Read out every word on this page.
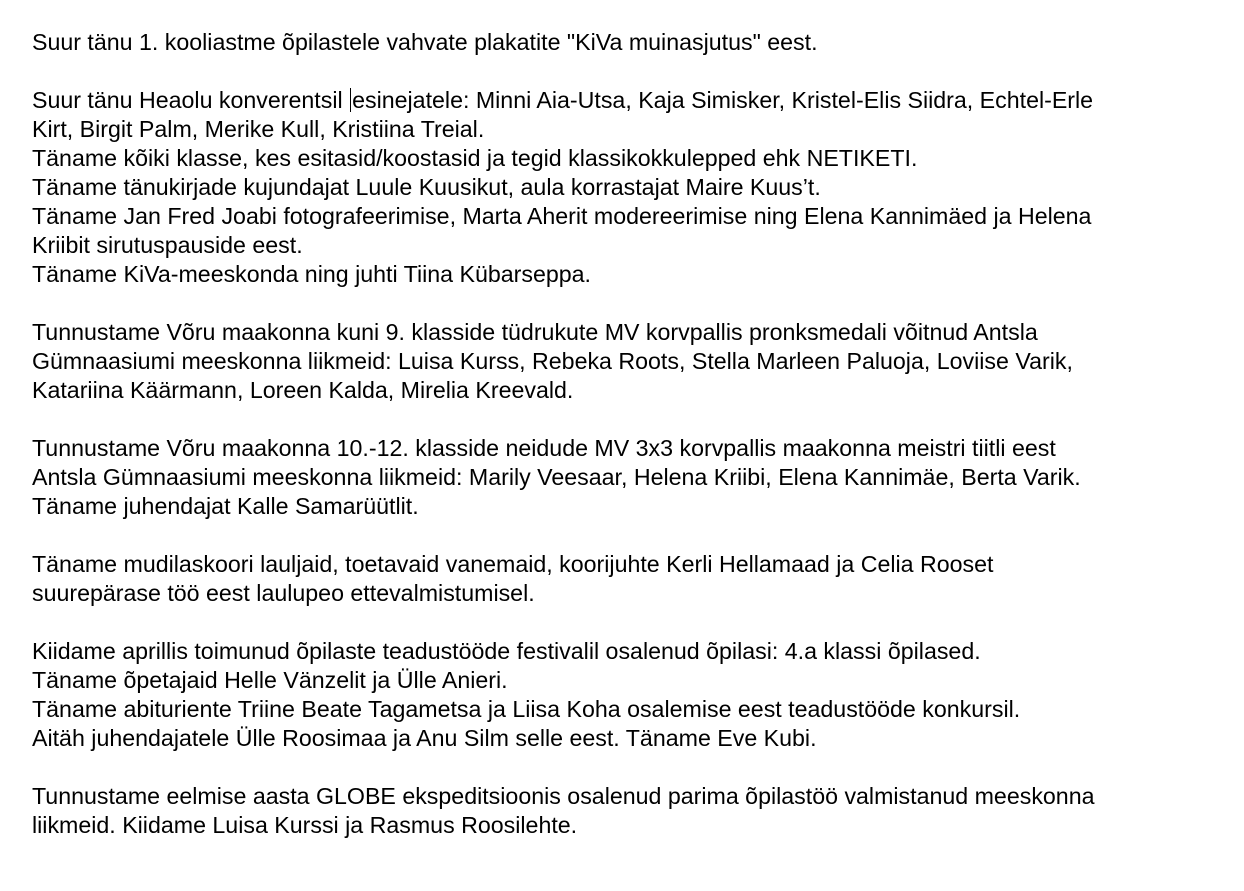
Suur tänu 1. kooliastme õpilastele vahvate plakatite "KiVa muinasjutus" eest.

Suur tänu Heaolu konverentsil esinejatele: Minni Aia-Utsa, Kaja Simisker, Kristel-Elis Siidra, Echtel-Erle
Kirt, Birgit Palm, Merike Kull, Kristiina Treial.
Täname kõiki klasse, kes esitasid/koostasid ja tegid klassikokkulepped ehk NETIKETI.
Täname tänukirjade kujundajat Luule Kuusikut, aula korrastajat Maire Kuus’t.
Täname Jan Fred Joabi fotografeerimise, Marta Aherit modereerimise ning Elena Kannimäed ja Helena
Kriibit sirutuspauside eest.
Täname KiVa-meeskonda ning juhti Tiina Kübarseppa.

Tunnustame Võru maakonna kuni 9. klasside tüdrukute MV korvpallis pronksmedali võitnud Antsla
Gümnaasiumi meeskonna liikmeid: Luisa Kurss, Rebeka Roots, Stella Marleen Paluoja, Loviise Varik,
Katariina Käärmann, Loreen Kalda, Mirelia Kreevald.

Tunnustame Võru maakonna 10.-12. klasside neidude MV 3x3 korvpallis maakonna meistri tiitli eest
Antsla Gümnaasiumi meeskonna liikmeid: Marily Veesaar, Helena Kriibi, Elena Kannimäe, Berta Varik.
Täname juhendajat Kalle Samarüütlit.

Täname mudilaskoori lauljaid, toetavaid vanemaid, koorijuhte Kerli Hellamaad ja Celia Rooset
suurepärase töö eest laulupeo ettevalmistumisel.

Kiidame aprillis toimunud õpilaste teadustööde festivalil osalenud õpilasi: 4.a klassi õpilased.
Täname õpetajaid Helle Vänzelit ja Ülle Anieri.
Täname abituriente Triine Beate Tagametsa ja Liisa Koha osalemise eest teadustööde konkursil.
Aitäh juhendajatele Ülle Roosimaa ja Anu Silm selle eest. Täname Eve Kubi.

Tunnustame eelmise aasta GLOBE ekspeditsioonis osalenud parima õpilastöö valmistanud meeskonna
liikmeid. Kiidame Luisa Kurssi ja Rasmus Roosilehte.
